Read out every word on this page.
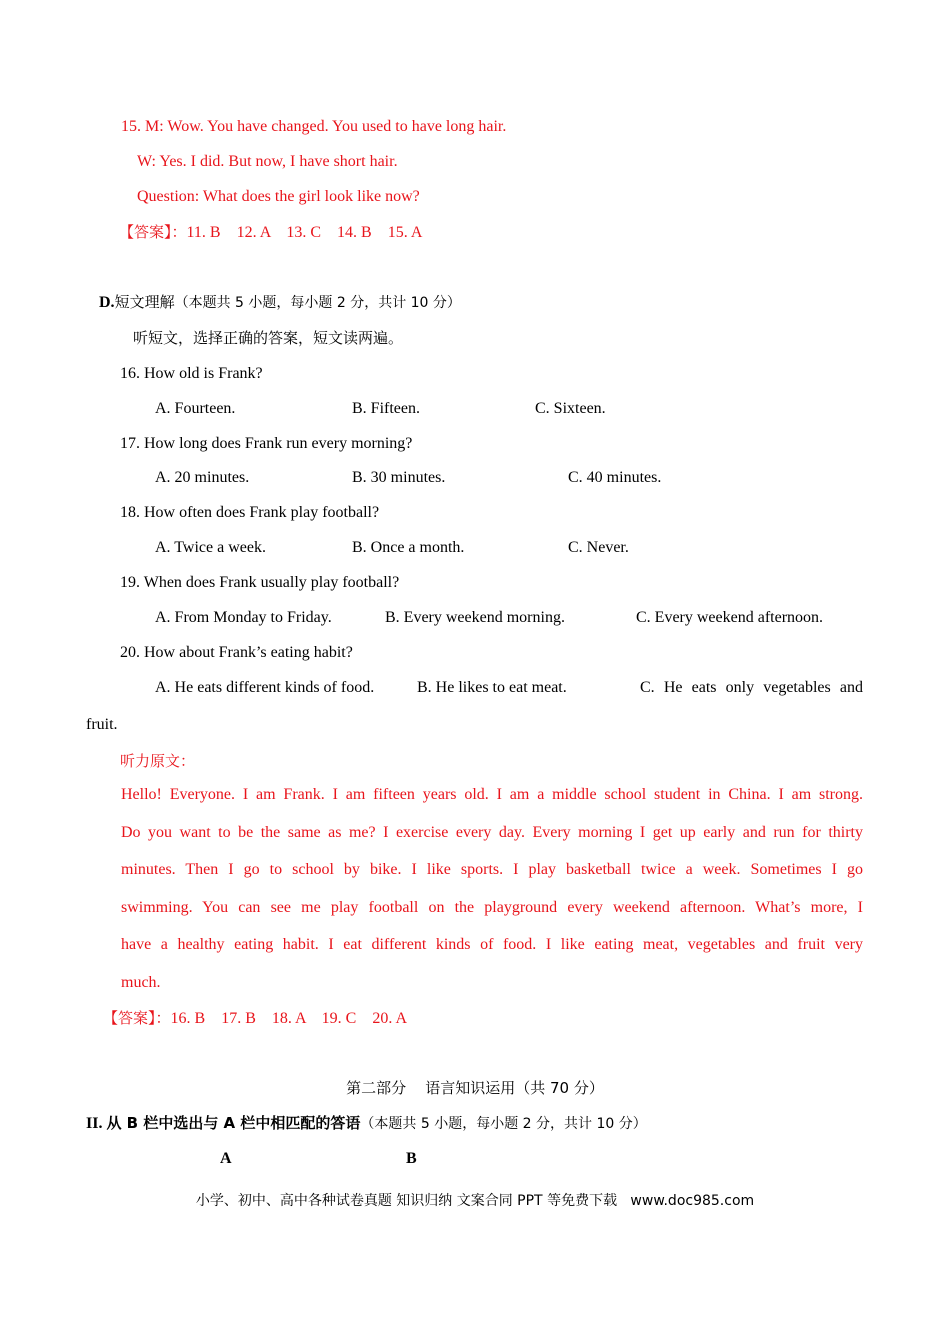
15. M: Wow. You have changed. You used to have long hair.
W: Yes. I did. But now, I have short hair.
Question: What does the girl look like now?
【答案】：11. B    12. A    13. C    14. B    15. A
D.短文理解（本题共 5 小题，每小题 2 分，共计 10 分）
听短文，选择正确的答案，短文读两遍。
16. How old is Frank?
A. Fourteen.	B. Fifteen.	C. Sixteen.
17. How long does Frank run every morning?
A. 20 minutes.	B. 30 minutes.	C. 40 minutes.
18. How often does Frank play football?
A. Twice a week.	B. Once a month.	C. Never.
19. When does Frank usually play football?
A. From Monday to Friday.	B. Every weekend morning.	C. Every weekend afternoon.
20. How about Frank’s eating habit?
A. He eats different kinds of food.	B. He likes to eat meat.	C. He eats only vegetables and
fruit.
听力原文：
Hello! Everyone. I am Frank. I am fifteen years old. I am a middle school student in China. I am strong.
Do you want to be the same as me? I exercise every day. Every morning I get up early and run for thirty
minutes. Then I go to school by bike. I like sports. I play basketball twice a week. Sometimes I go
swimming. You can see me play football on the playground every weekend afternoon. What’s more, I
have a healthy eating habit. I eat different kinds of food. I like eating meat, vegetables and fruit very
much.
【答案】：16. B    17. B    18. A    19. C    20. A
第二部分    语言知识运用（共 70 分）
II. 从 B 栏中选出与 A 栏中相匹配的答语（本题共 5 小题，每小题 2 分，共计 10 分）
A	B
小学、初中、高中各种试卷真题 知识归纳 文案合同 PPT 等免费下载   www.doc985.com
